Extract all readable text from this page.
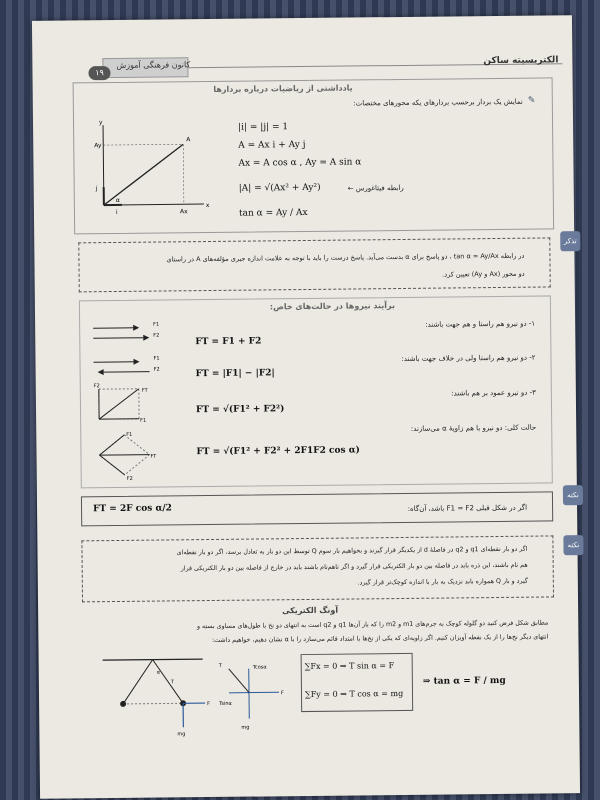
۱۹
کانون فرهنگی آموزش	الکتریسیته ساکن
یادداشتی از ریاضیات درباره بردارها
✎
نمایش یک بردار برحسب بردارهای یکه محورهای مختصات:
Ay
Ax
A
i
j
x
y
α
|i| = |j| = 1
A = Ax i + Ay j
Ax = A cos α , Ay = A sin α
|A| = √(Ax² + Ay²)	رابطه فیثاغورس ←
tan α = Ay / Ax
تذکر
در رابطه tan α = Ay/Ax ، دو پاسخ برای α بدست می‌آید. پاسخ درست را باید با توجه به علامت اندازه جبری مؤلفه‌های A در راستای
دو محور (Ax و Ay) تعیین کرد.
برآیند نیروها در حالت‌های خاص:
۱- دو نیرو هم راستا و هم جهت باشند:
FT = F1 + F2
F1
F2
۲- دو نیرو هم راستا ولی در خلاف جهت باشند:
FT = |F1| − |F2|
F1
F2
۳- دو نیرو عمود بر هم باشند:
FT = √(F1² + F2²)
FT
F1
F2
حالت کلی: دو نیرو با هم زاویهٔ α می‌سازند:
FT = √(F1² + F2² + 2F1F2 cos α)
FT
F1
F2
نکته
اگر در شکل قبلی F1 = F2 باشد، آن‌گاه:
FT = 2F cos α/2
نکته
اگر دو بار نقطه‌ای q1 و q2 در فاصلهٔ d از یکدیگر قرار گیرند و بخواهیم بار سوم Q توسط این دو بار به تعادل برسد، اگر دو بار نقطه‌ای
هم نام باشند، این ذره باید در فاصله بین دو بار الکتریکی قرار گیرد و اگر ناهم‌نام باشند باید در خارج از فاصله بین دو بار الکتریکی قرار
گیرد و بار Q همواره باید نزدیک به بار با اندازه کوچک‌تر قرار گیرد.
آونگ الکتریکی
مطابق شکل فرض کنید دو گلوله کوچک به جرم‌های m1 و m2 را که بار آن‌ها q1 و q2 است به انتهای دو نخ با طول‌های مساوی بسته و
انتهای دیگر نخ‌ها را از یک نقطه آویزان کنیم. اگر زاویه‌ای که یکی از نخ‌ها با امتداد قائم می‌سازد را با α نشان دهیم، خواهیم داشت:
T
F
mg
α
T	Tcosα
Tsinα
F
mg
∑Fx = 0 ⇒ T sin α = F
∑Fy = 0 ⇒ T cos α = mg
⇒ tan α = F / mg
